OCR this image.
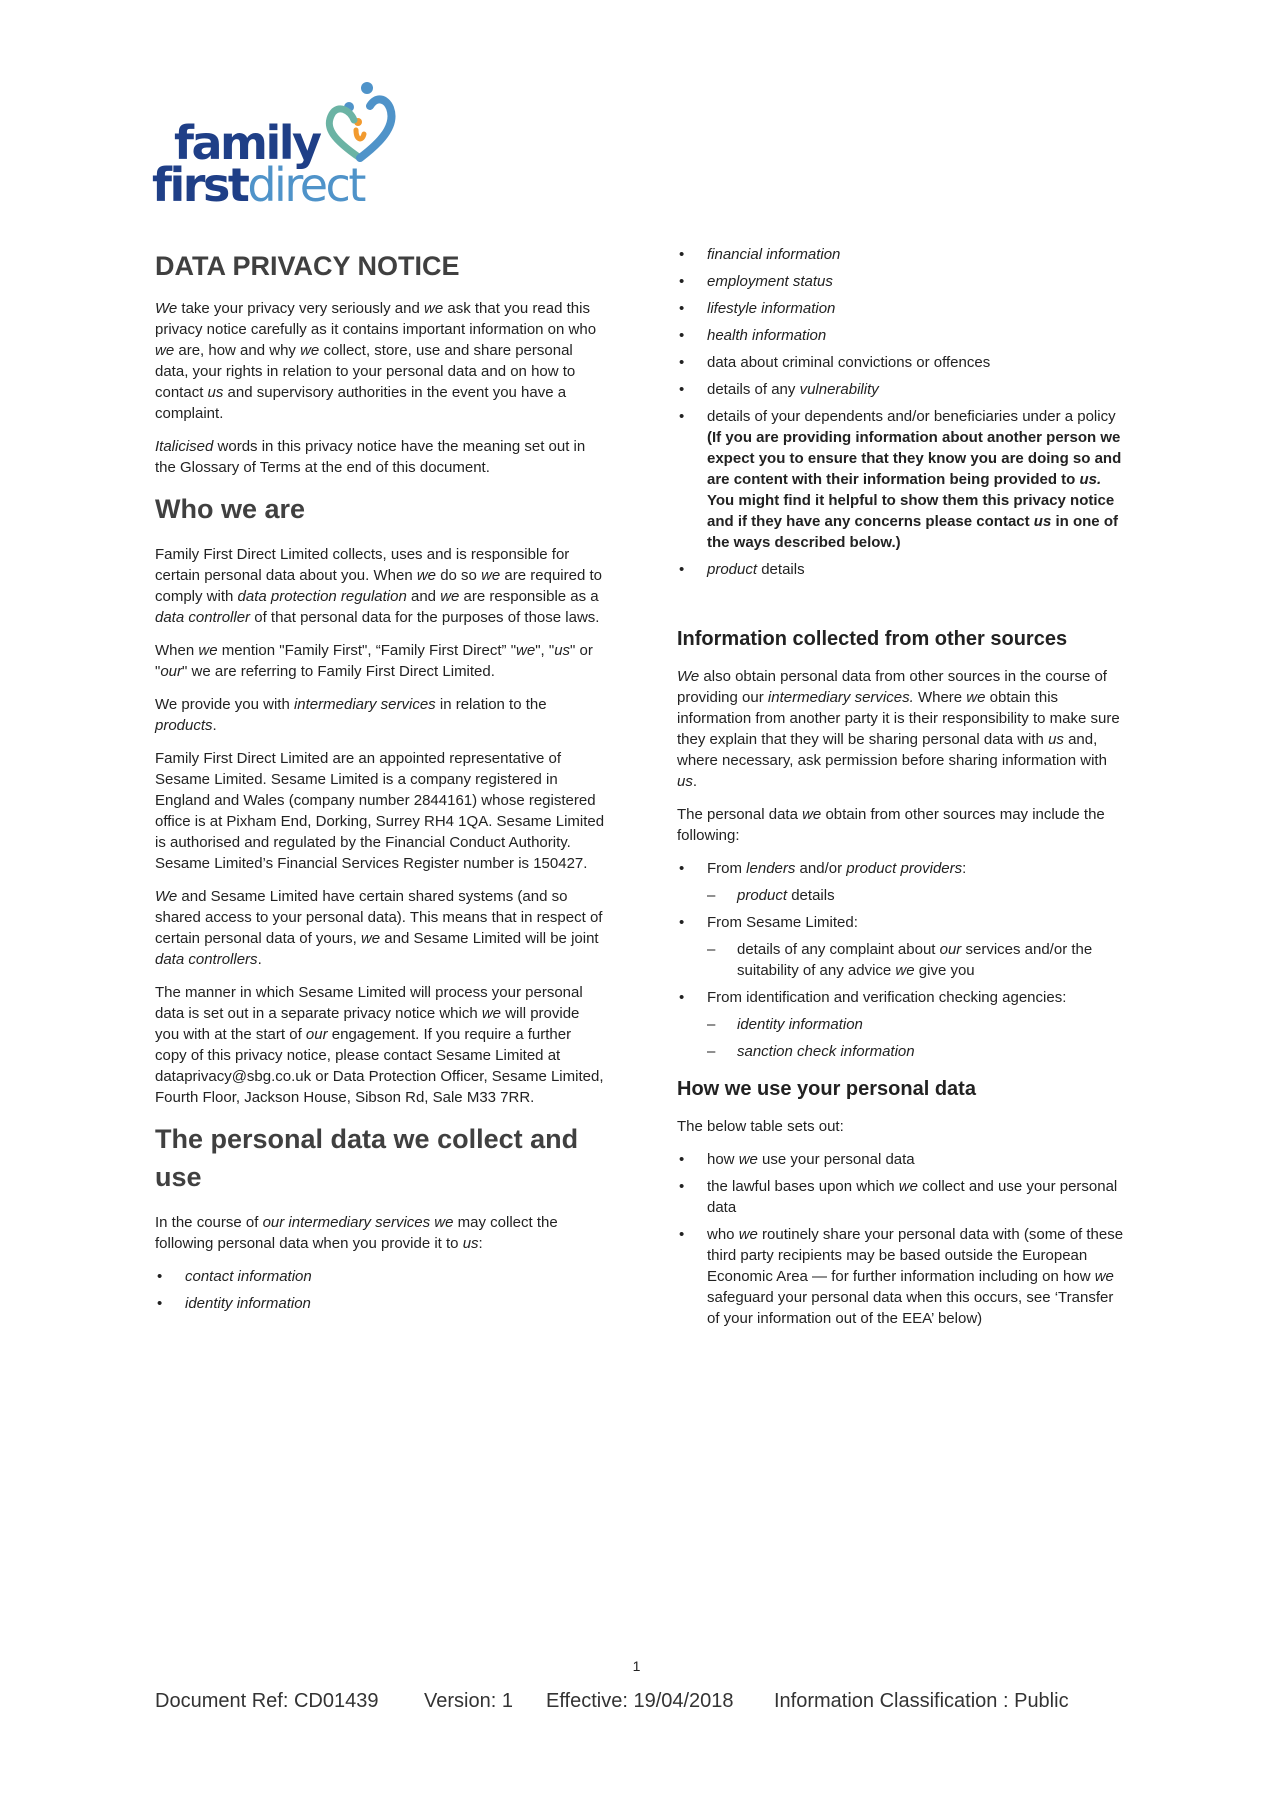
family
firstdirect
DATA PRIVACY NOTICE

We take your privacy very seriously and we ask that you read this privacy notice carefully as it contains important information on who we are, how and why we collect, store, use and share personal data, your rights in relation to your personal data and on how to contact us and supervisory authorities in the event you have a complaint.

Italicised words in this privacy notice have the meaning set out in the Glossary of Terms at the end of this document.

Who we are

Family First Direct Limited collects, uses and is responsible for certain personal data about you. When we do so we are required to comply with data protection regulation and we are responsible as a data controller of that personal data for the purposes of those laws.

When we mention "Family First", “Family First Direct” "we", "us" or "our" we are referring to Family First Direct Limited.

We provide you with intermediary services in relation to the products.

Family First Direct Limited are an appointed representative of Sesame Limited. Sesame Limited is a company registered in England and Wales (company number 2844161) whose registered office is at Pixham End, Dorking, Surrey RH4 1QA. Sesame Limited is authorised and regulated by the Financial Conduct Authority. Sesame Limited’s Financial Services Register number is 150427.

We and Sesame Limited have certain shared systems (and so shared access to your personal data). This means that in respect of certain personal data of yours, we and Sesame Limited will be joint data controllers.

The manner in which Sesame Limited will process your personal data is set out in a separate privacy notice which we will provide you with at the start of our engagement. If you require a further copy of this privacy notice, please contact Sesame Limited at dataprivacy@sbg.co.uk or Data Protection Officer, Sesame Limited, Fourth Floor, Jackson House, Sibson Rd, Sale M33 7RR.

The personal data we collect and use

In the course of our intermediary services we may collect the following personal data when you provide it to us:

• contact information
• identity information
• financial information
• employment status
• lifestyle information
• health information
• data about criminal convictions or offences
• details of any vulnerability
• details of your dependents and/or beneficiaries under a policy (If you are providing information about another person we expect you to ensure that they know you are doing so and are content with their information being provided to us. You might find it helpful to show them this privacy notice and if they have any concerns please contact us in one of the ways described below.)
• product details
Information collected from other sources

We also obtain personal data from other sources in the course of providing our intermediary services. Where we obtain this information from another party it is their responsibility to make sure they explain that they will be sharing personal data with us and, where necessary, ask permission before sharing information with us.

The personal data we obtain from other sources may include the following:

• From lenders and/or product providers:
– product details
• From Sesame Limited:
– details of any complaint about our services and/or the suitability of any advice we give you
• From identification and verification checking agencies:
– identity information
– sanction check information
How we use your personal data

The below table sets out:

• how we use your personal data
• the lawful bases upon which we collect and use your personal data
• who we routinely share your personal data with (some of these third party recipients may be based outside the European Economic Area — for further information including on how we safeguard your personal data when this occurs, see ‘Transfer of your information out of the EEA’ below)
1
Document Ref: CD01439 Version: 1 Effective: 19/04/2018 Information Classification : Public
